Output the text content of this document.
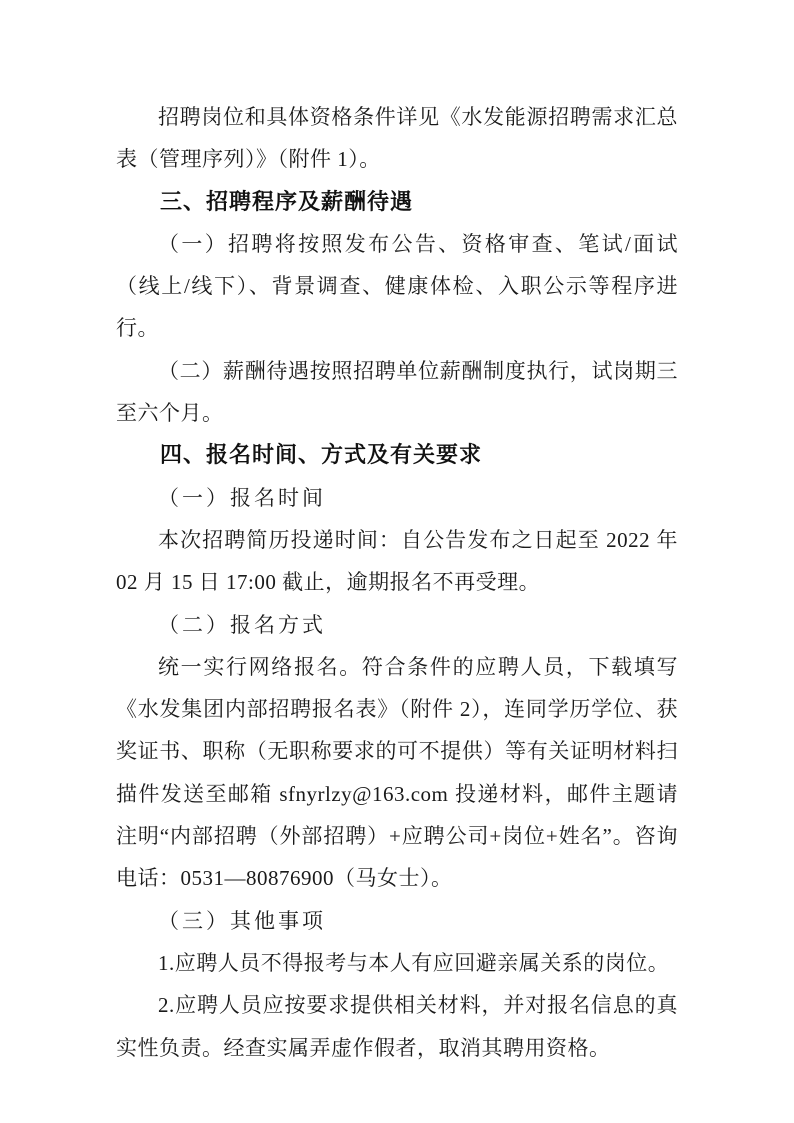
招聘岗位和具体资格条件详见《水发能源招聘需求汇总表（管理序列）》（附件 1）。

三、招聘程序及薪酬待遇

（一）招聘将按照发布公告、资格审查、笔试/面试（线上/线下）、背景调查、健康体检、入职公示等程序进行。

（二）薪酬待遇按照招聘单位薪酬制度执行，试岗期三至六个月。

四、报名时间、方式及有关要求

（一）报名时间

本次招聘简历投递时间：自公告发布之日起至 2022 年 02 月 15 日 17:00 截止，逾期报名不再受理。

（二）报名方式

统一实行网络报名。符合条件的应聘人员，下载填写《水发集团内部招聘报名表》（附件 2），连同学历学位、获奖证书、职称（无职称要求的可不提供）等有关证明材料扫描件发送至邮箱 sfnyrlzy@163.com 投递材料，邮件主题请注明“内部招聘（外部招聘）+应聘公司+岗位+姓名”。咨询电话：0531—80876900（马女士）。

（三）其他事项

1.应聘人员不得报考与本人有应回避亲属关系的岗位。

2.应聘人员应按要求提供相关材料，并对报名信息的真实性负责。经查实属弄虚作假者，取消其聘用资格。
